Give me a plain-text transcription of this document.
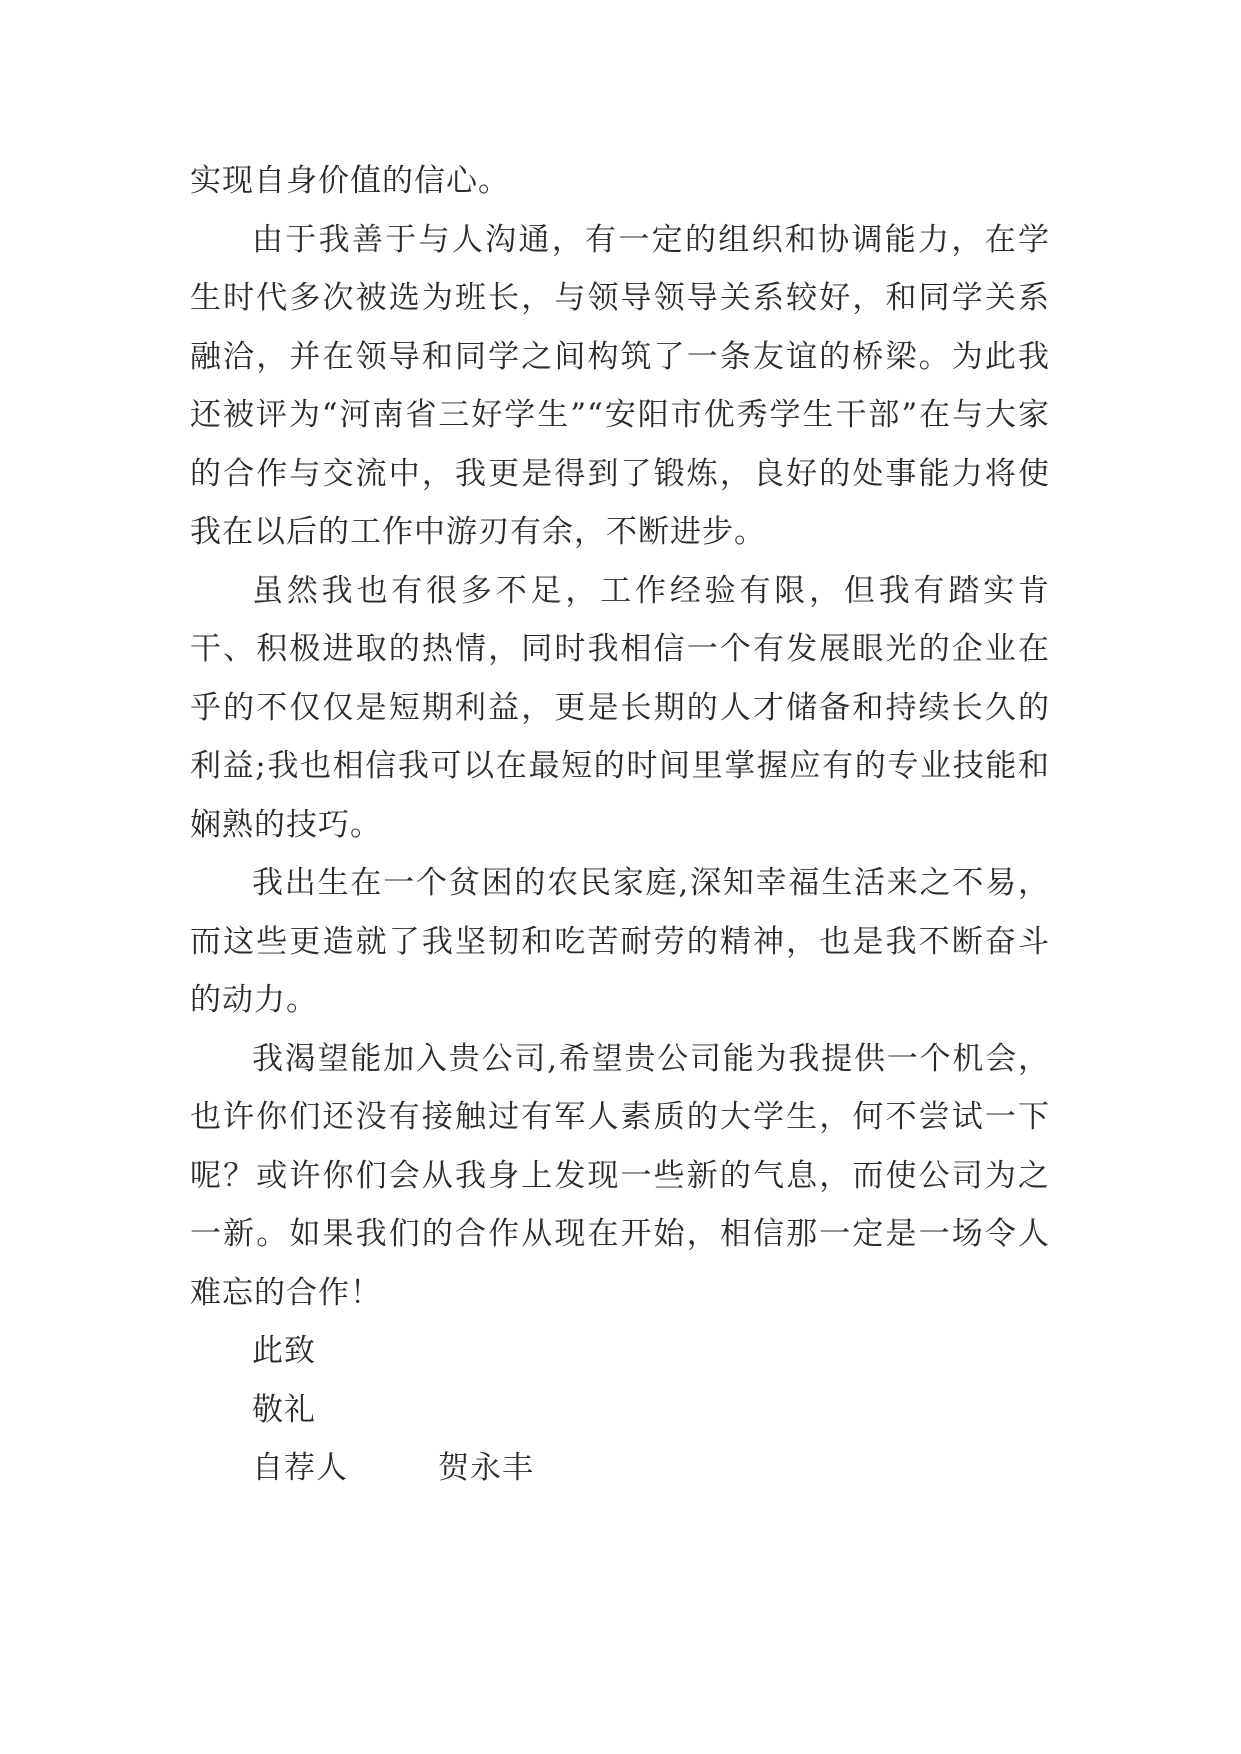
实现自身价值的信心。

由于我善于与人沟通，有一定的组织和协调能力，在学生时代多次被选为班长，与领导领导关系较好，和同学关系融洽，并在领导和同学之间构筑了一条友谊的桥梁。为此我还被评为“河南省三好学生”“安阳市优秀学生干部”在与大家的合作与交流中，我更是得到了锻炼，良好的处事能力将使我在以后的工作中游刃有余，不断进步。

虽然我也有很多不足，工作经验有限，但我有踏实肯干、积极进取的热情，同时我相信一个有发展眼光的企业在乎的不仅仅是短期利益，更是长期的人才储备和持续长久的利益;我也相信我可以在最短的时间里掌握应有的专业技能和娴熟的技巧。

我出生在一个贫困的农民家庭,深知幸福生活来之不易，而这些更造就了我坚韧和吃苦耐劳的精神，也是我不断奋斗的动力。

我渴望能加入贵公司,希望贵公司能为我提供一个机会，也许你们还没有接触过有军人素质的大学生，何不尝试一下呢？或许你们会从我身上发现一些新的气息，而使公司为之一新。如果我们的合作从现在开始，相信那一定是一场令人难忘的合作！

此致

敬礼

自荐人	贺永丰
